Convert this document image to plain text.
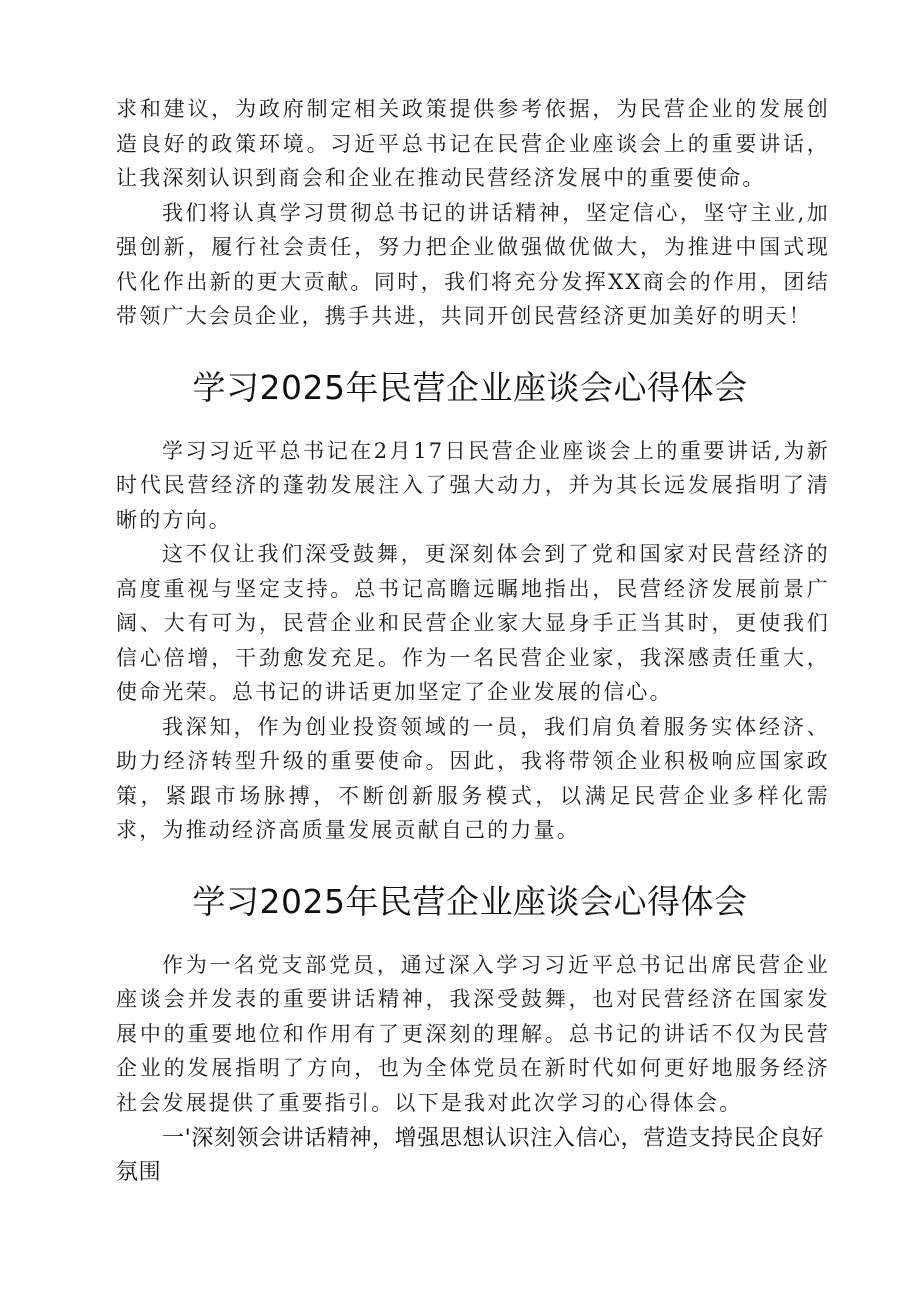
求和建议，为政府制定相关政策提供参考依据，为民营企业的发展创造良好的政策环境。习近平总书记在民营企业座谈会上的重要讲话，让我深刻认识到商会和企业在推动民营经济发展中的重要使命。

我们将认真学习贯彻总书记的讲话精神，坚定信心，坚守主业,加强创新，履行社会责任，努力把企业做强做优做大，为推进中国式现代化作出新的更大贡献。同时，我们将充分发挥XX商会的作用，团结带领广大会员企业，携手共进，共同开创民营经济更加美好的明天！

学习2025年民营企业座谈会心得体会

学习习近平总书记在2月17日民营企业座谈会上的重要讲话,为新时代民营经济的蓬勃发展注入了强大动力，并为其长远发展指明了清晰的方向。

这不仅让我们深受鼓舞，更深刻体会到了党和国家对民营经济的高度重视与坚定支持。总书记高瞻远瞩地指出，民营经济发展前景广阔、大有可为，民营企业和民营企业家大显身手正当其时，更使我们信心倍增，干劲愈发充足。作为一名民营企业家，我深感责任重大，使命光荣。总书记的讲话更加坚定了企业发展的信心。

我深知，作为创业投资领域的一员，我们肩负着服务实体经济、助力经济转型升级的重要使命。因此，我将带领企业积极响应国家政策，紧跟市场脉搏，不断创新服务模式，以满足民营企业多样化需求，为推动经济高质量发展贡献自己的力量。

学习2025年民营企业座谈会心得体会

作为一名党支部党员，通过深入学习习近平总书记出席民营企业座谈会并发表的重要讲话精神，我深受鼓舞，也对民营经济在国家发展中的重要地位和作用有了更深刻的理解。总书记的讲话不仅为民营企业的发展指明了方向，也为全体党员在新时代如何更好地服务经济社会发展提供了重要指引。以下是我对此次学习的心得体会。

一'深刻领会讲话精神，增强思想认识注入信心，营造支持民企良好氛围
